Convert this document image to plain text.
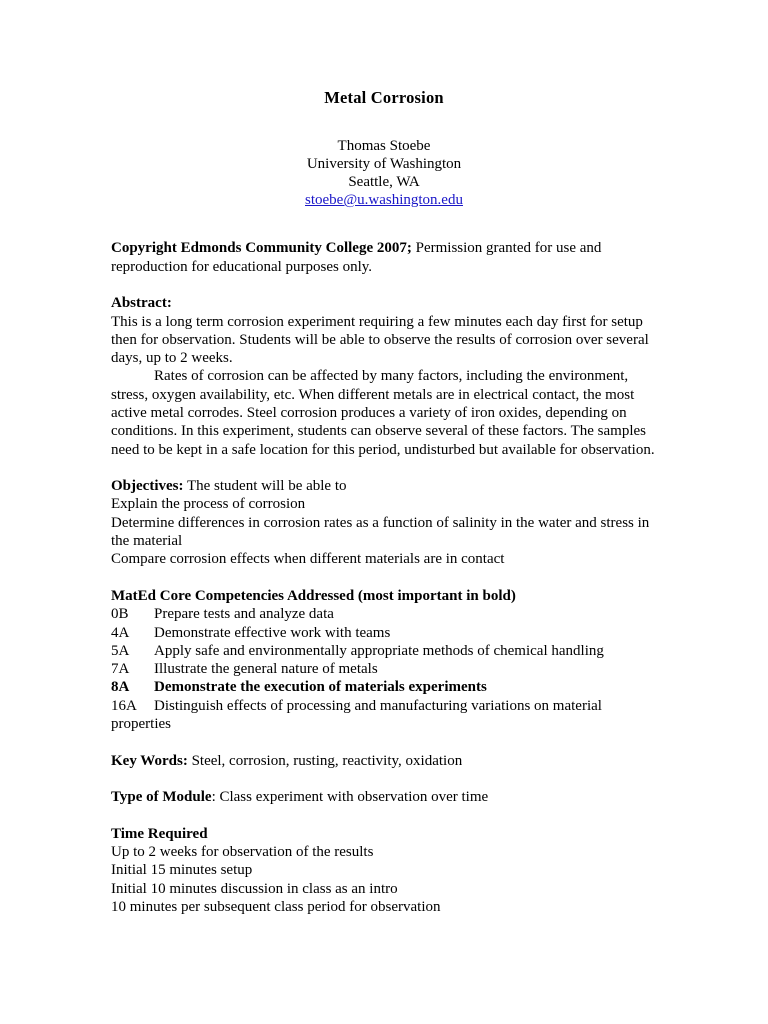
Metal Corrosion
Thomas Stoebe
University of Washington
Seattle, WA
stoebe@u.washington.edu

Copyright Edmonds Community College 2007; Permission granted for use and reproduction for educational purposes only.

Abstract:

This is a long term corrosion experiment requiring a few minutes each day first for setup then for observation. Students will be able to observe the results of corrosion over several days, up to 2 weeks.

Rates of corrosion can be affected by many factors, including the environment, stress, oxygen availability, etc. When different metals are in electrical contact, the most active metal corrodes. Steel corrosion produces a variety of iron oxides, depending on conditions. In this experiment, students can observe several of these factors. The samples need to be kept in a safe location for this period, undisturbed but available for observation.

Objectives: The student will be able to

Explain the process of corrosion

Determine differences in corrosion rates as a function of salinity in the water and stress in the material

Compare corrosion effects when different materials are in contact

MatEd Core Competencies Addressed (most important in bold)

0B Prepare tests and analyze data
4A Demonstrate effective work with teams
5A Apply safe and environmentally appropriate methods of chemical handling
7A Illustrate the general nature of metals
8A Demonstrate the execution of materials experiments
16A Distinguish effects of processing and manufacturing variations on material properties

Key Words: Steel, corrosion, rusting, reactivity, oxidation

Type of Module: Class experiment with observation over time

Time Required

Up to 2 weeks for observation of the results

Initial 15 minutes setup

Initial 10 minutes discussion in class as an intro

10 minutes per subsequent class period for observation
